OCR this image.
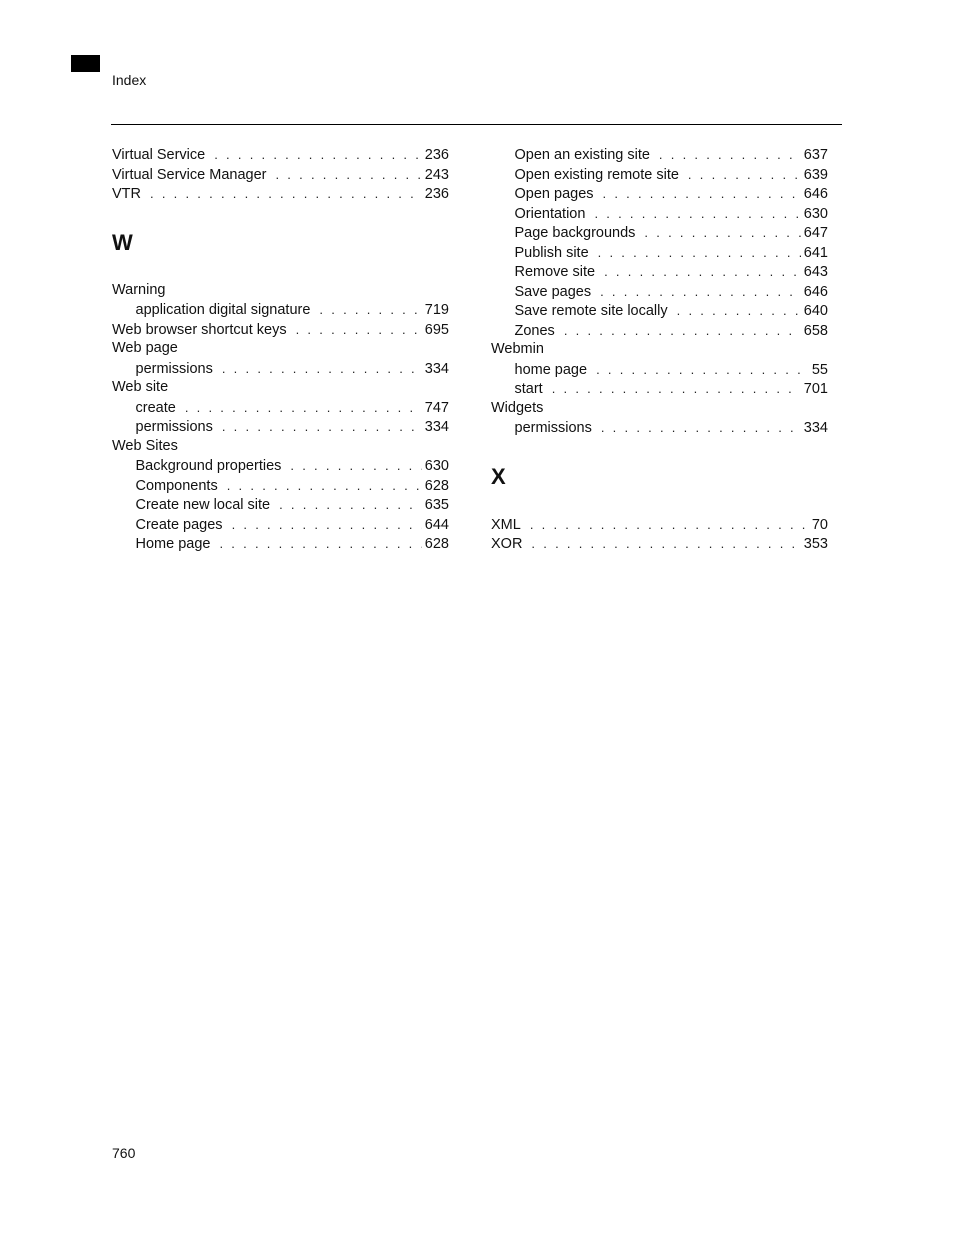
Index
Virtual Service . . .	236
Virtual Service Manager . . .	243
VTR . . .	236
W
Warning
application digital signature . . .	719
Web browser shortcut keys . . .	695
Web page
permissions . . .	334
Web site
create . . .	747
permissions . . .	334
Web Sites
Background properties . . .	630
Components . . .	628
Create new local site . . .	635
Create pages . . .	644
Home page . . .	628
Open an existing site . . .	637
Open existing remote site . . .	639
Open pages . . .	646
Orientation . . .	630
Page backgrounds . . .	647
Publish site . . .	641
Remove site . . .	643
Save pages . . .	646
Save remote site locally . . .	640
Zones . . .	658
Webmin
home page . . .	55
start . . .	701
Widgets
permissions . . .	334
X
XML . . .	70
XOR . . .	353
760
